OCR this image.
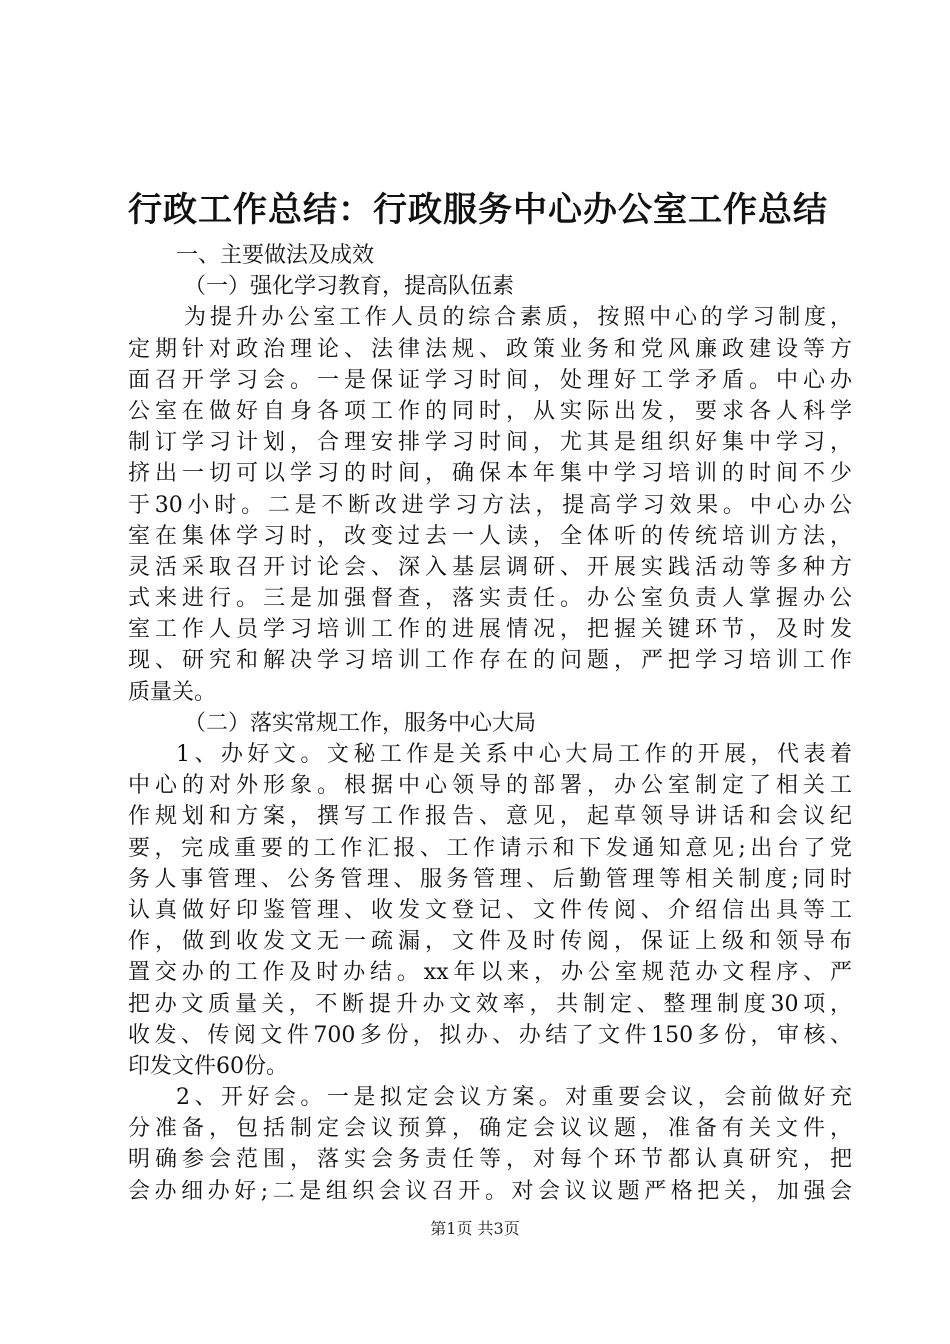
行政工作总结：行政服务中心办公室工作总结
一、主要做法及成效
（一）强化学习教育，提高队伍素
为提升办公室工作人员的综合素质，按照中心的学习制度，
定期针对政治理论、法律法规、政策业务和党风廉政建设等方
面召开学习会。一是保证学习时间，处理好工学矛盾。中心办
公室在做好自身各项工作的同时，从实际出发，要求各人科学
制订学习计划，合理安排学习时间，尤其是组织好集中学习，
挤出一切可以学习的时间，确保本年集中学习培训的时间不少
于30小时。二是不断改进学习方法，提高学习效果。中心办公
室在集体学习时，改变过去一人读，全体听的传统培训方法，
灵活采取召开讨论会、深入基层调研、开展实践活动等多种方
式来进行。三是加强督查，落实责任。办公室负责人掌握办公
室工作人员学习培训工作的进展情况，把握关键环节，及时发
现、研究和解决学习培训工作存在的问题，严把学习培训工作
质量关。
（二）落实常规工作，服务中心大局
1、办好文。文秘工作是关系中心大局工作的开展，代表着
中心的对外形象。根据中心领导的部署，办公室制定了相关工
作规划和方案，撰写工作报告、意见，起草领导讲话和会议纪
要，完成重要的工作汇报、工作请示和下发通知意见;出台了党
务人事管理、公务管理、服务管理、后勤管理等相关制度;同时
认真做好印鉴管理、收发文登记、文件传阅、介绍信出具等工
作，做到收发文无一疏漏，文件及时传阅，保证上级和领导布
置交办的工作及时办结。xx年以来，办公室规范办文程序、严
把办文质量关，不断提升办文效率，共制定、整理制度30项，
收发、传阅文件700多份，拟办、办结了文件150多份，审核、
印发文件60份。
2、开好会。一是拟定会议方案。对重要会议，会前做好充
分准备，包括制定会议预算，确定会议议题，准备有关文件，
明确参会范围，落实会务责任等，对每个环节都认真研究，把
会办细办好;二是组织会议召开。对会议议题严格把关，加强会
第1页 共3页
